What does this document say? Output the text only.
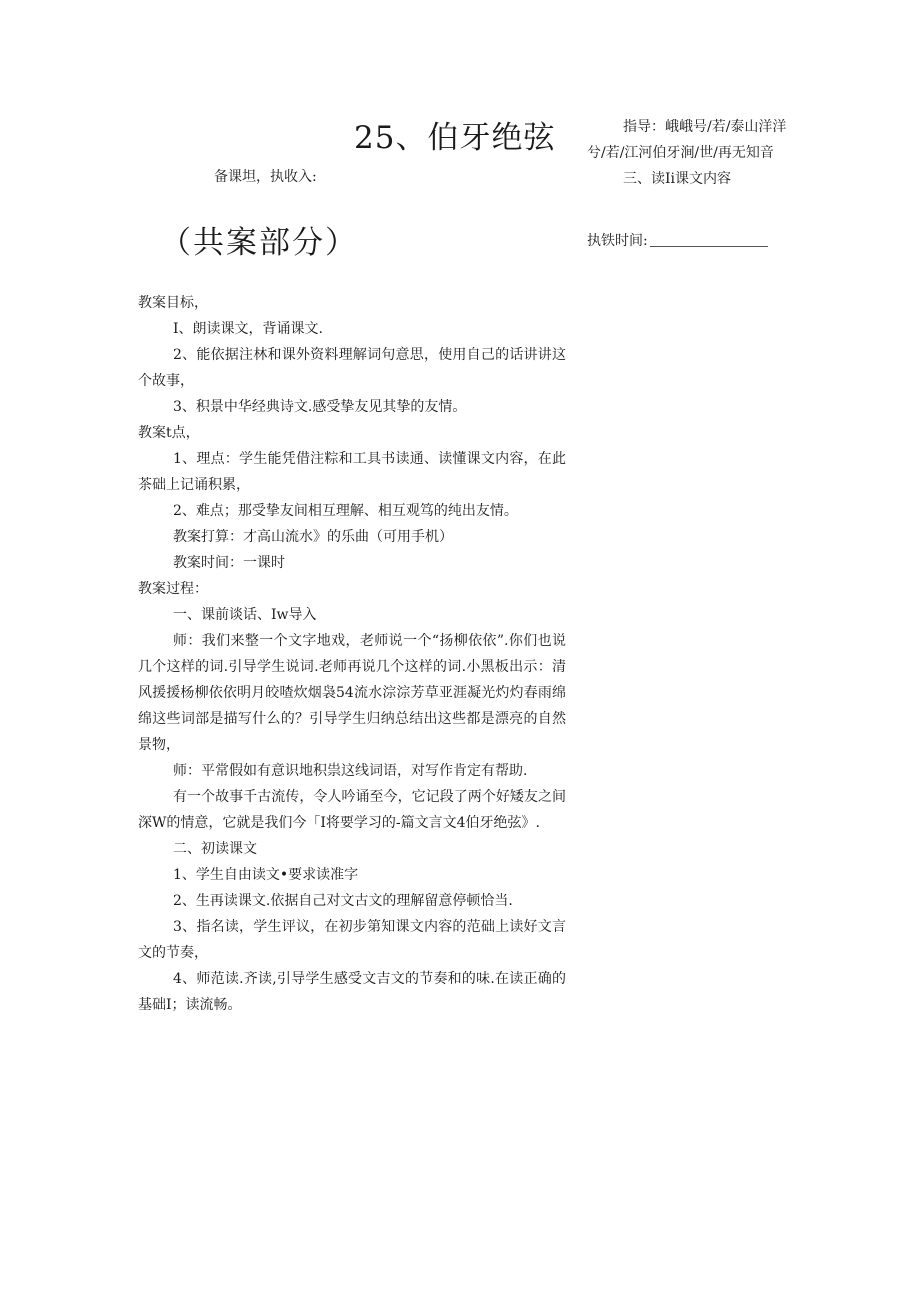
25、伯牙绝弦
备课坦，执收入:
（共案部分）
指导：峨峨号/若/泰山洋洋兮/若/江河伯牙涧/世/再无知音
三、读Ii课文内容
执铁时间:

教案目标，

I、朗读课文，背诵课文.

2、能依据注林和课外资料理解词句意思，使用自己的话讲讲这个故事，

3、积景中华经典诗文.感受挚友见其挚的友情。

教案t点，

1、理点：学生能凭借注粽和工具书读通、读懂课文内容，在此茶础上记诵积累，

2、难点；那受挚友间相互理解、相互观笃的纯出友情。

教案打算：才高山流水》的乐曲（可用手机）

教案时间：一课时

教案过程：

一、课前谈话、Iw导入

师：我们来整一个文字地戏，老师说一个“扬柳依依”.你们也说几个这样的词.引导学生说词.老师再说几个这样的词.小黑板出示：清风援援杨柳依依明月皎喳炊烟袅54流水淙淙芳草亚涯凝光灼灼春雨绵绵这些词部是描写什么的？引导学生归纳总结出这些都是漂亮的自然景物，

师：平常假如有意识地积祟这线词语，对写作肯定有帮助.

有一个故事千古流传，令人吟诵至今，它记段了两个好矮友之间深W的情意，它就是我们今「I将要学习的-篇文言文4伯牙绝弦》.

二、初读课文

1、学生自由读文•要求读准字

2、生再读课文.依据自己对文古文的理解留意停顿恰当.

3、指名读，学生评议，在初步第知课文内容的范础上读好文言文的节奏，

4、师范读.齐读,引导学生感受文吉文的节奏和的味.在读正确的基础I；读流畅。
